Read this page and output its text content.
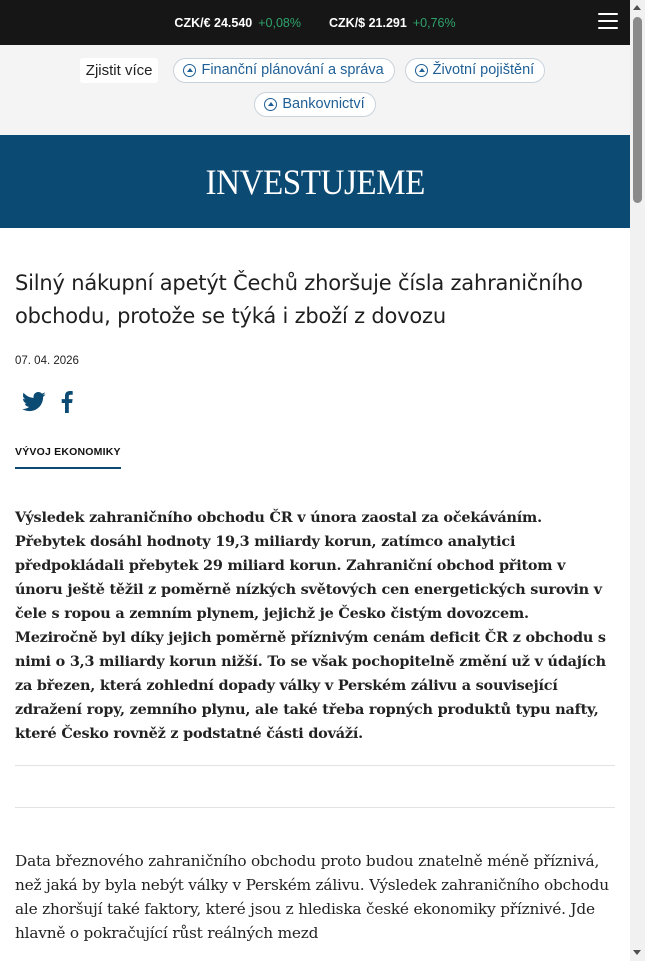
CZK/€ 24.540 +0,08% CZK/$ 21.291 +0,76%
Zjistit více	Finanční plánování a správa	Životní pojištění
Bankovnictví
INVESTUJEME
Silný nákupní apetýt Čechů zhoršuje čísla zahraničního obchodu, protože se týká i zboží z dovozu
07. 04. 2026
VÝVOJ EKONOMIKY

Výsledek zahraničního obchodu ČR v února zaostal za očekáváním. Přebytek dosáhl hodnoty 19,3 miliardy korun, zatímco analytici předpokládali přebytek 29 miliard korun. Zahraniční obchod přitom v únoru ještě těžil z poměrně nízkých světových cen energetických surovin v čele s ropou a zemním plynem, jejichž je Česko čistým dovozcem. Meziročně byl díky jejich poměrně příznivým cenám deficit ČR z obchodu s nimi o 3,3 miliardy korun nižší. To se však pochopitelně změní už v údajích za březen, která zohlední dopady války v Perském zálivu a související zdražení ropy, zemního plynu, ale také třeba ropných produktů typu nafty, které Česko rovněž z podstatné části dováží.

Data březnového zahraničního obchodu proto budou znatelně méně příznivá, než jaká by byla nebýt války v Perském zálivu. Výsledek zahraničního obchodu ale zhoršují také faktory, které jsou z hlediska české ekonomiky příznivé. Jde hlavně o pokračující růst reálných mezd
